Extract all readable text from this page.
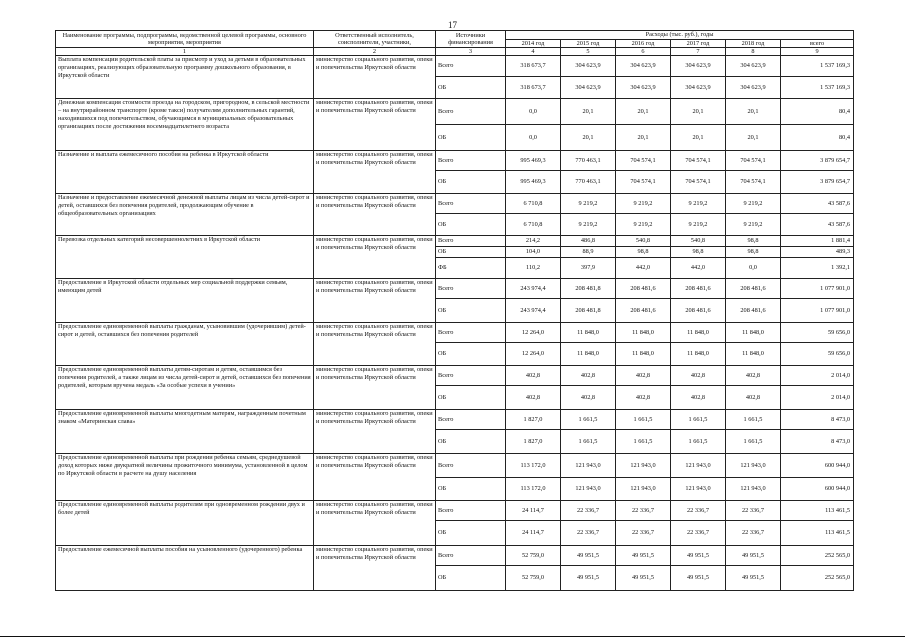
17
Наименование программы, подпрограммы, ведомственной целевой программы, основного мероприятия, мероприятия	Ответственный исполнитель, соисполнители, участники,	Источники финансирования	Расходы (тыс. руб.), годы					
			2014 год	2015 год	2016 год	2017 год	2018 год	всего
1	2	3	4	5	6	7	8	9
Выплата компенсации родительской платы за присмотр и уход за детьми в образовательных организациях, реализующих образовательную программу дошкольного образования, в Иркутской области	министерство социального развития, опеки и попечительства Иркутской области	Всего	318 673,7	304 623,9	304 623,9	304 623,9	304 623,9	1 537 169,3
		ОБ	318 673,7	304 623,9	304 623,9	304 623,9	304 623,9	1 537 169,3
Денежная компенсация стоимости проезда на городском, пригородном, в сельской местности – на внутрирайонном транспорте (кроме такси) получателям дополнительных гарантий, находившихся под попечительством, обучающимся в муниципальных образовательных организациях после достижения восемнадцатилетнего возраста	министерство социального развития, опеки и попечительства Иркутской области	Всего	0,0	20,1	20,1	20,1	20,1	80,4
		ОБ	0,0	20,1	20,1	20,1	20,1	80,4
Назначение и выплата ежемесячного пособия на ребенка в Иркутской области	министерство социального развития, опеки и попечительства Иркутской области	Всего	995 469,3	770 463,1	704 574,1	704 574,1	704 574,1	3 879 654,7
		ОБ	995 469,3	770 463,1	704 574,1	704 574,1	704 574,1	3 879 654,7
Назначение и предоставление ежемесячной денежной выплаты лицам из числа детей-сирот и детей, оставшихся без попечения родителей, продолжающим обучение в общеобразовательных организациях	министерство социального развития, опеки и попечительства Иркутской области	Всего	6 710,8	9 219,2	9 219,2	9 219,2	9 219,2	43 587,6
		ОБ	6 710,8	9 219,2	9 219,2	9 219,2	9 219,2	43 587,6
Перевозка отдельных категорий несовершеннолетних в Иркутской области	министерство социального развития, опеки и попечительства Иркутской области	Всего	214,2	486,8	540,8	540,8	98,8	1 881,4
		ОБ	104,0	88,9	98,8	98,8	98,8	489,3
		ФБ	110,2	397,9	442,0	442,0	0,0	1 392,1
Предоставление в Иркутской области отдельных мер социальной поддержки семьям, имеющим детей	министерство социального развития, опеки и попечительства Иркутской области	Всего	243 974,4	208 481,8	208 481,6	208 481,6	208 481,6	1 077 901,0
		ОБ	243 974,4	208 481,8	208 481,6	208 481,6	208 481,6	1 077 901,0
Предоставление единовременной выплаты гражданам, усыновившим (удочерившим) детей-сирот и детей, оставшихся без попечения родителей	министерство социального развития, опеки и попечительства Иркутской области	Всего	12 264,0	11 848,0	11 848,0	11 848,0	11 848,0	59 656,0
		ОБ	12 264,0	11 848,0	11 848,0	11 848,0	11 848,0	59 656,0
Предоставление единовременной выплаты детям-сиротам и детям, оставшимся без попечения родителей, а также лицам из числа детей-сирот и детей, оставшихся без попечения родителей, которым вручена медаль «За особые успехи в учении»	министерство социального развития, опеки и попечительства Иркутской области	Всего	402,8	402,8	402,8	402,8	402,8	2 014,0
		ОБ	402,8	402,8	402,8	402,8	402,8	2 014,0
Предоставление единовременной выплаты многодетным матерям, награжденным почетным знаком «Материнская слава»	министерство социального развития, опеки и попечительства Иркутской области	Всего	1 827,0	1 661,5	1 661,5	1 661,5	1 661,5	8 473,0
		ОБ	1 827,0	1 661,5	1 661,5	1 661,5	1 661,5	8 473,0
Предоставление единовременной выплаты при рождении ребенка семьям, среднедушевой доход которых ниже двукратной величины прожиточного минимума, установленной в целом по Иркутской области в расчете на душу населения	министерство социального развития, опеки и попечительства Иркутской области	Всего	113 172,0	121 943,0	121 943,0	121 943,0	121 943,0	600 944,0
		ОБ	113 172,0	121 943,0	121 943,0	121 943,0	121 943,0	600 944,0
Предоставление единовременной выплаты родителям при одновременном рождении двух и более детей	министерство социального развития, опеки и попечительства Иркутской области	Всего	24 114,7	22 336,7	22 336,7	22 336,7	22 336,7	113 461,5
		ОБ	24 114,7	22 336,7	22 336,7	22 336,7	22 336,7	113 461,5
Предоставление ежемесячной выплаты пособия на усыновленного (удочеренного) ребенка	министерство социального развития, опеки и попечительства Иркутской области	Всего	52 759,0	49 951,5	49 951,5	49 951,5	49 951,5	252 565,0
		ОБ	52 759,0	49 951,5	49 951,5	49 951,5	49 951,5	252 565,0
